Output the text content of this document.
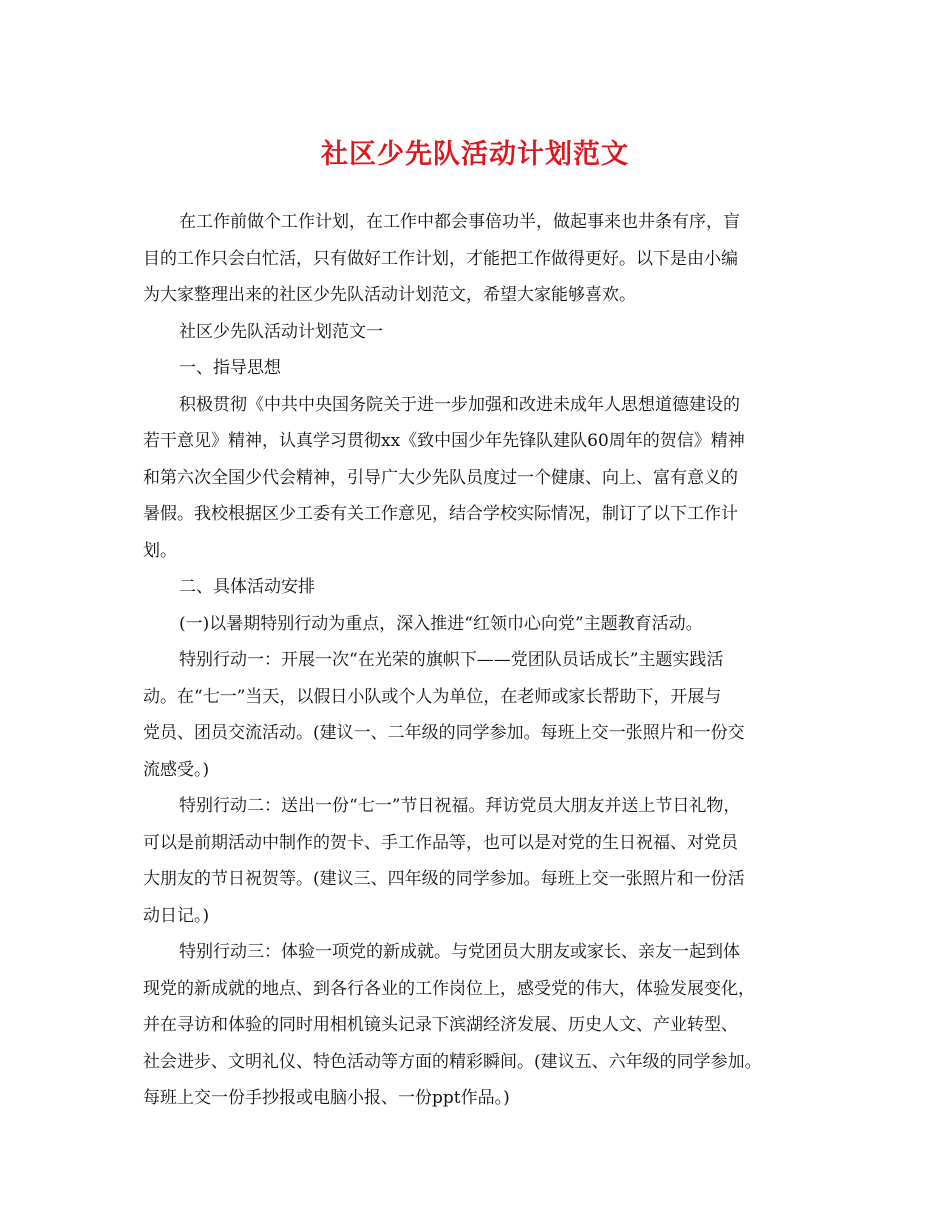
社区少先队活动计划范文
在工作前做个工作计划，在工作中都会事倍功半，做起事来也井条有序，盲
目的工作只会白忙活，只有做好工作计划，才能把工作做得更好。以下是由小编
为大家整理出来的社区少先队活动计划范文，希望大家能够喜欢。
社区少先队活动计划范文一
一、指导思想
积极贯彻《中共中央国务院关于进一步加强和改进未成年人思想道德建设的
若干意见》精神，认真学习贯彻xx《致中国少年先锋队建队60周年的贺信》精神
和第六次全国少代会精神，引导广大少先队员度过一个健康、向上、富有意义的
暑假。我校根据区少工委有关工作意见，结合学校实际情况，制订了以下工作计
划。
二、具体活动安排
(一)以暑期特别行动为重点，深入推进“红领巾心向党”主题教育活动。
特别行动一：开展一次“在光荣的旗帜下——党团队员话成长”主题实践活
动。在“七一”当天，以假日小队或个人为单位，在老师或家长帮助下，开展与
党员、团员交流活动。(建议一、二年级的同学参加。每班上交一张照片和一份交
流感受。)
特别行动二：送出一份“七一”节日祝福。拜访党员大朋友并送上节日礼物，
可以是前期活动中制作的贺卡、手工作品等，也可以是对党的生日祝福、对党员
大朋友的节日祝贺等。(建议三、四年级的同学参加。每班上交一张照片和一份活
动日记。)
特别行动三：体验一项党的新成就。与党团员大朋友或家长、亲友一起到体
现党的新成就的地点、到各行各业的工作岗位上，感受党的伟大，体验发展变化，
并在寻访和体验的同时用相机镜头记录下滨湖经济发展、历史人文、产业转型、
社会进步、文明礼仪、特色活动等方面的精彩瞬间。(建议五、六年级的同学参加。
每班上交一份手抄报或电脑小报、一份ppt作品。)
